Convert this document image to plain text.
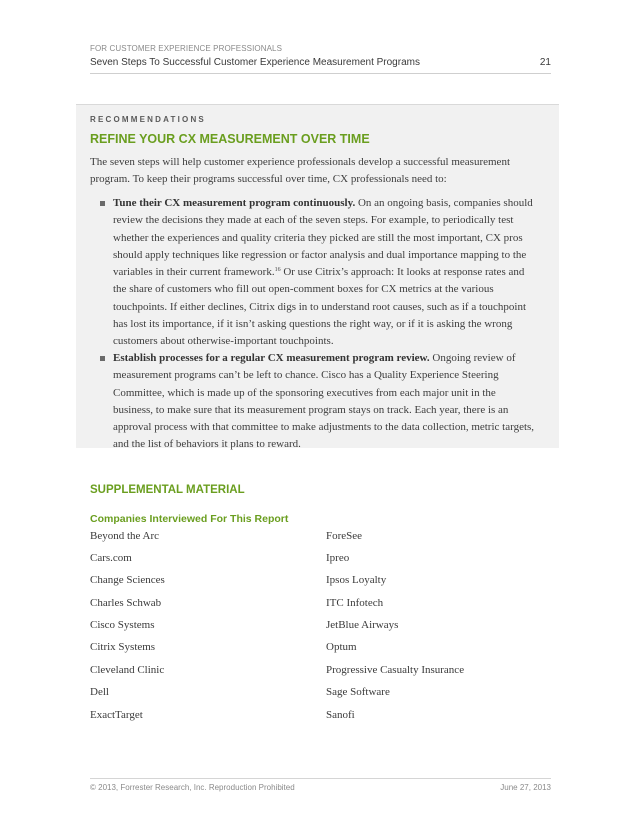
FOR CUSTOMER EXPERIENCE PROFESSIONALS
Seven Steps To Successful Customer Experience Measurement Programs	21
RECOMMENDATIONS
REFINE YOUR CX MEASUREMENT OVER TIME
The seven steps will help customer experience professionals develop a successful measurement program. To keep their programs successful over time, CX professionals need to:
Tune their CX measurement program continuously. On an ongoing basis, companies should review the decisions they made at each of the seven steps. For example, to periodically test whether the experiences and quality criteria they picked are still the most important, CX pros should apply techniques like regression or factor analysis and dual importance mapping to the variables in their current framework.$^{16}$ Or use Citrix’s approach: It looks at response rates and the share of customers who fill out open-comment boxes for CX metrics at the various touchpoints. If either declines, Citrix digs in to understand root causes, such as if a touchpoint has lost its importance, if it isn’t asking questions the right way, or if it is asking the wrong customers about otherwise-important touchpoints.
Establish processes for a regular CX measurement program review. Ongoing review of measurement programs can’t be left to chance. Cisco has a Quality Experience Steering Committee, which is made up of the sponsoring executives from each major unit in the business, to make sure that its measurement program stays on track. Each year, there is an approval process with that committee to make adjustments to the data collection, metric targets, and the list of behaviors it plans to reward.
SUPPLEMENTAL MATERIAL
Companies Interviewed For This Report
Beyond the Arc
Cars.com
Change Sciences
Charles Schwab
Cisco Systems
Citrix Systems
Cleveland Clinic
Dell
ExactTarget
ForeSee
Ipreo
Ipsos Loyalty
ITC Infotech
JetBlue Airways
Optum
Progressive Casualty Insurance
Sage Software
Sanofi
© 2013, Forrester Research, Inc. Reproduction Prohibited	June 27, 2013
